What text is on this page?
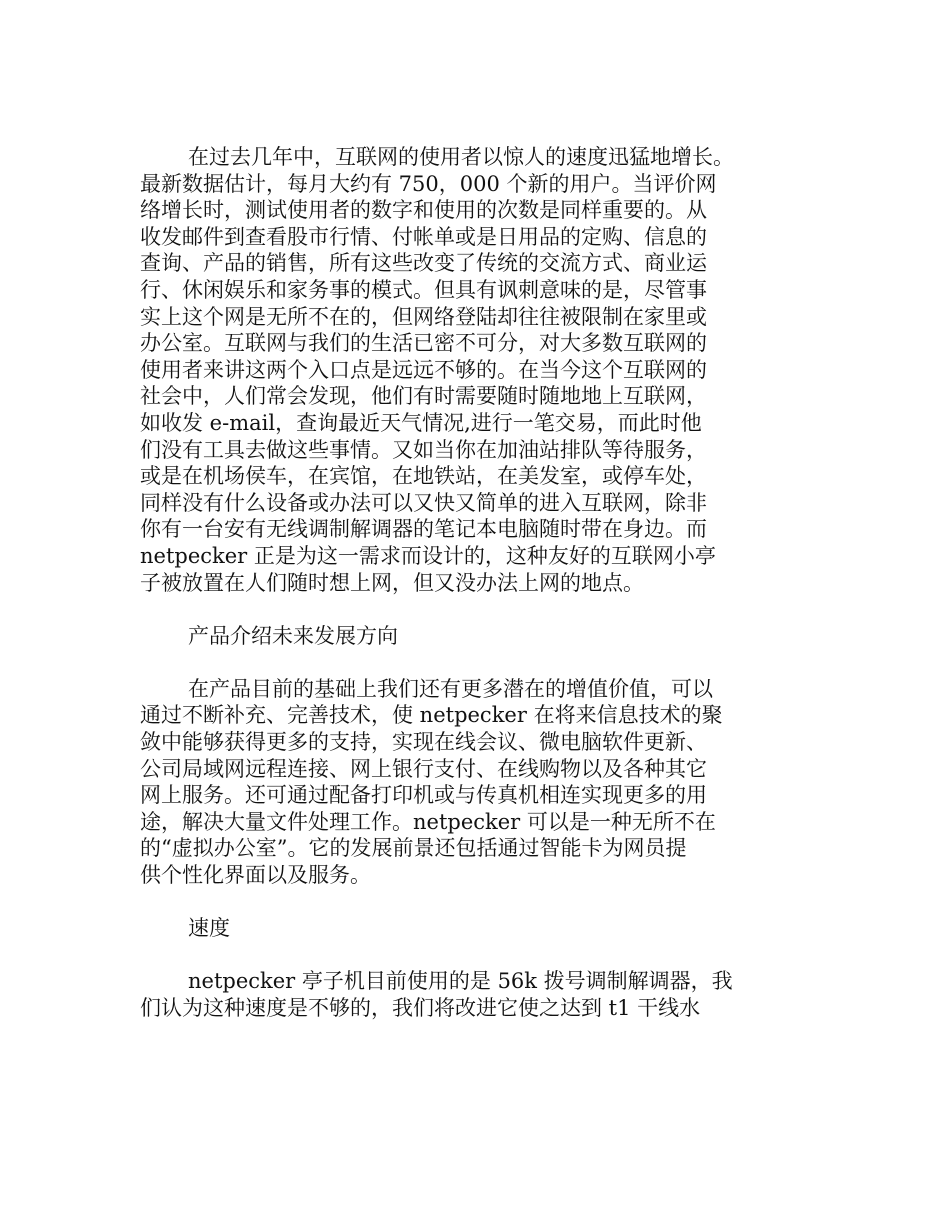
在过去几年中，互联网的使用者以惊人的速度迅猛地增长。
最新数据估计，每月大约有 750，000 个新的用户。当评价网
络增长时，测试使用者的数字和使用的次数是同样重要的。从
收发邮件到查看股市行情、付帐单或是日用品的定购、信息的
查询、产品的销售，所有这些改变了传统的交流方式、商业运
行、休闲娱乐和家务事的模式。但具有讽刺意味的是，尽管事
实上这个网是无所不在的，但网络登陆却往往被限制在家里或
办公室。互联网与我们的生活已密不可分，对大多数互联网的
使用者来讲这两个入口点是远远不够的。在当今这个互联网的
社会中，人们常会发现，他们有时需要随时随地地上互联网，
如收发 e-mail，查询最近天气情况,进行一笔交易，而此时他
们没有工具去做这些事情。又如当你在加油站排队等待服务，
或是在机场侯车，在宾馆，在地铁站，在美发室，或停车处，
同样没有什么设备或办法可以又快又简单的进入互联网，除非
你有一台安有无线调制解调器的笔记本电脑随时带在身边。而
netpecker 正是为这一需求而设计的，这种友好的互联网小亭
子被放置在人们随时想上网，但又没办法上网的地点。
产品介绍未来发展方向
在产品目前的基础上我们还有更多潜在的增值价值，可以
通过不断补充、完善技术，使 netpecker 在将来信息技术的聚
敛中能够获得更多的支持，实现在线会议、微电脑软件更新、
公司局域网远程连接、网上银行支付、在线购物以及各种其它
网上服务。还可通过配备打印机或与传真机相连实现更多的用
途，解决大量文件处理工作。netpecker 可以是一种无所不在
的“虚拟办公室”。它的发展前景还包括通过智能卡为网员提
供个性化界面以及服务。
速度
netpecker 亭子机目前使用的是 56k 拨号调制解调器，我
们认为这种速度是不够的，我们将改进它使之达到 t1 干线水
